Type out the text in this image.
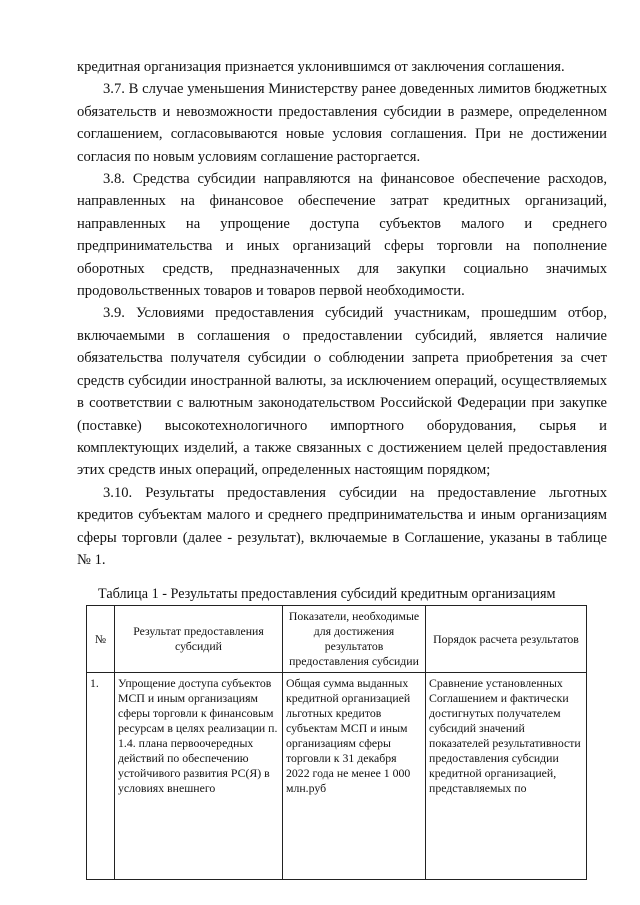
кредитная организация признается уклонившимся от заключения соглашения.

3.7. В случае уменьшения Министерству ранее доведенных лимитов бюджетных обязательств и невозможности предоставления субсидии в размере, определенном соглашением, согласовываются новые условия соглашения. При не достижении согласия по новым условиям соглашение расторгается.

3.8. Средства субсидии направляются на финансовое обеспечение расходов, направленных на финансовое обеспечение затрат кредитных организаций, направленных на упрощение доступа субъектов малого и среднего предпринимательства и иных организаций сферы торговли на пополнение оборотных средств, предназначенных для закупки социально значимых продовольственных товаров и товаров первой необходимости.

3.9. Условиями предоставления субсидий участникам, прошедшим отбор, включаемыми в соглашения о предоставлении субсидий, является наличие обязательства получателя субсидии о соблюдении запрета приобретения за счет средств субсидии иностранной валюты, за исключением операций, осуществляемых в соответствии с валютным законодательством Российской Федерации при закупке (поставке) высокотехнологичного импортного оборудования, сырья и комплектующих изделий, а также связанных с достижением целей предоставления этих средств иных операций, определенных настоящим порядком;

3.10. Результаты предоставления субсидии на предоставление льготных кредитов субъектам малого и среднего предпринимательства и иным организациям сферы торговли (далее - результат), включаемые в Соглашение, указаны в таблице № 1.

Таблица 1 - Результаты предоставления субсидий кредитным организациям
№	Результат предоставления субсидий	Показатели, необходимые для достижения результатов предоставления субсидии	Порядок расчета результатов
1.	Упрощение доступа субъектов МСП и иным организациям сферы торговли к финансовым ресурсам в целях реализации п. 1.4. плана первоочередных действий по обеспечению устойчивого развития РС(Я) в условиях внешнего	Общая сумма выданных кредитной организацией льготных кредитов субъектам МСП и иным организациям сферы торговли к 31 декабря 2022 года не менее 1 000 млн.руб	Сравнение установленных Соглашением и фактически достигнутых получателем субсидий значений показателей результативности предоставления субсидии кредитной организацией, представляемых по
